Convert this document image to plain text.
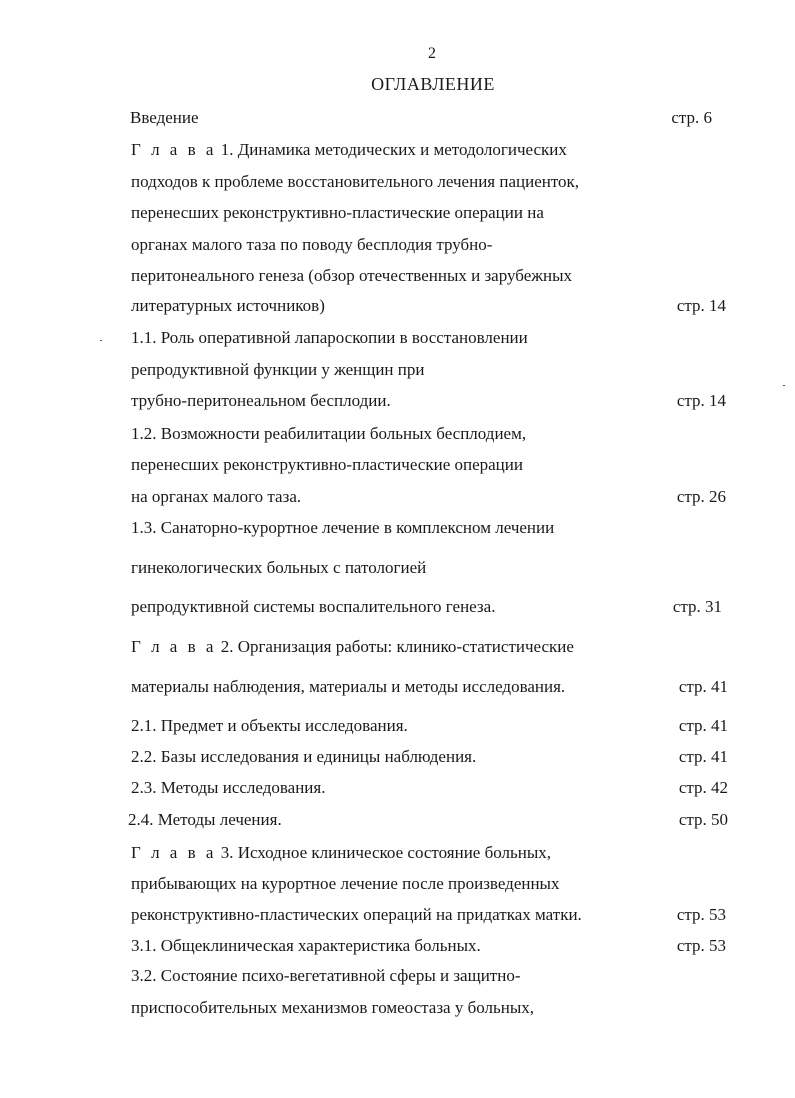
2
ОГЛАВЛЕНИЕ
Введение	стр. 6
Г л а в а 1. Динамика методических и методологических
подходов к проблеме восстановительного лечения пациенток,
перенесших реконструктивно-пластические операции на
органах малого таза по поводу бесплодия трубно-
перитонеального генеза (обзор отечественных и зарубежных
литературных источников)	стр. 14
1.1. Роль оперативной лапароскопии в восстановлении
репродуктивной функции у женщин при
трубно-перитонеальном бесплодии.	стр. 14
1.2. Возможности реабилитации больных бесплодием,
перенесших реконструктивно-пластические операции
на органах малого таза.	стр. 26
1.3. Санаторно-курортное лечение в комплексном лечении
гинекологических больных с патологией
репродуктивной системы воспалительного генеза.	стр. 31
Г л а в а 2. Организация работы: клинико-статистические
материалы наблюдения, материалы и методы исследования.	стр. 41
2.1. Предмет и объекты исследования.	стр. 41
2.2. Базы исследования и единицы наблюдения.	стр. 41
2.3. Методы исследования.	стр. 42
2.4. Методы лечения.	стр. 50
Г л а в а 3. Исходное клиническое состояние больных,
прибывающих на курортное лечение после произведенных
реконструктивно-пластических операций на придатках матки.	стр. 53
3.1. Общеклиническая характеристика больных.	стр. 53
3.2. Состояние психо-вегетативной сферы и защитно-
приспособительных механизмов гомеостаза у больных,
